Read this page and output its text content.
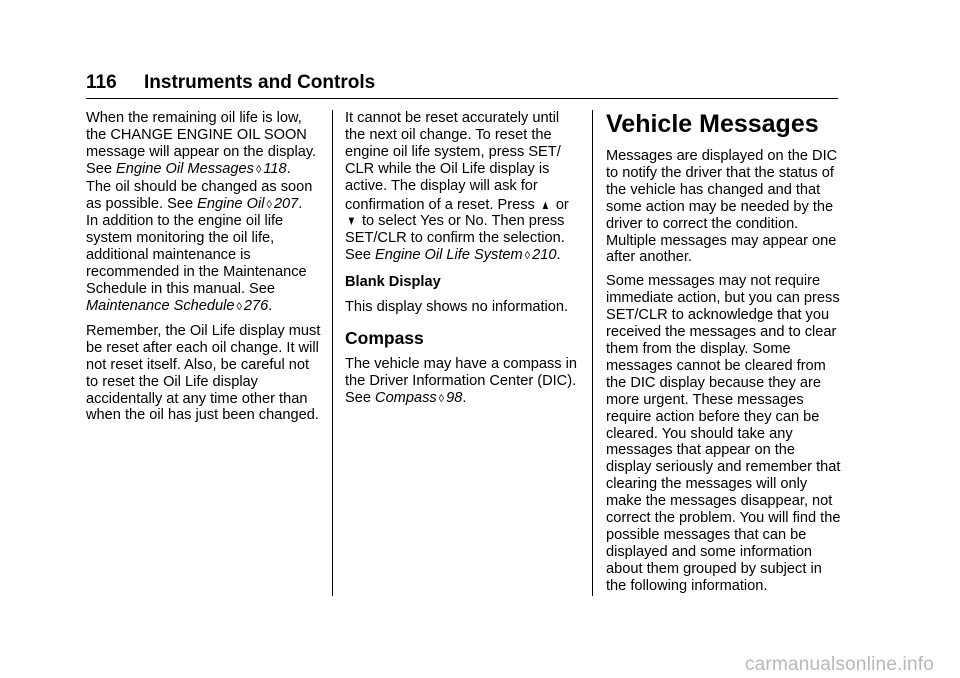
116 Instruments and Controls

When the remaining oil life is low,
the CHANGE ENGINE OIL SOON
message will appear on the display.
See Engine Oil Messages ◊ 118.
The oil should be changed as soon
as possible. See Engine Oil ◊ 207.
In addition to the engine oil life
system monitoring the oil life,
additional maintenance is
recommended in the Maintenance
Schedule in this manual. See
Maintenance Schedule ◊ 276.

Remember, the Oil Life display must
be reset after each oil change. It will
not reset itself. Also, be careful not
to reset the Oil Life display
accidentally at any time other than
when the oil has just been changed.

It cannot be reset accurately until
the next oil change. To reset the
engine oil life system, press SET/
CLR while the Oil Life display is
active. The display will ask for
confirmation of a reset. Press ▲ or
▼ to select Yes or No. Then press
SET/CLR to confirm the selection.
See Engine Oil Life System ◊ 210.

Blank Display

This display shows no information.

Compass

The vehicle may have a compass in
the Driver Information Center (DIC).
See Compass ◊ 98.

Vehicle Messages

Messages are displayed on the DIC
to notify the driver that the status of
the vehicle has changed and that
some action may be needed by the
driver to correct the condition.
Multiple messages may appear one
after another.

Some messages may not require
immediate action, but you can press
SET/CLR to acknowledge that you
received the messages and to clear
them from the display. Some
messages cannot be cleared from
the DIC display because they are
more urgent. These messages
require action before they can be
cleared. You should take any
messages that appear on the
display seriously and remember that
clearing the messages will only
make the messages disappear, not
correct the problem. You will find the
possible messages that can be
displayed and some information
about them grouped by subject in
the following information.

carmanualsonline.info
